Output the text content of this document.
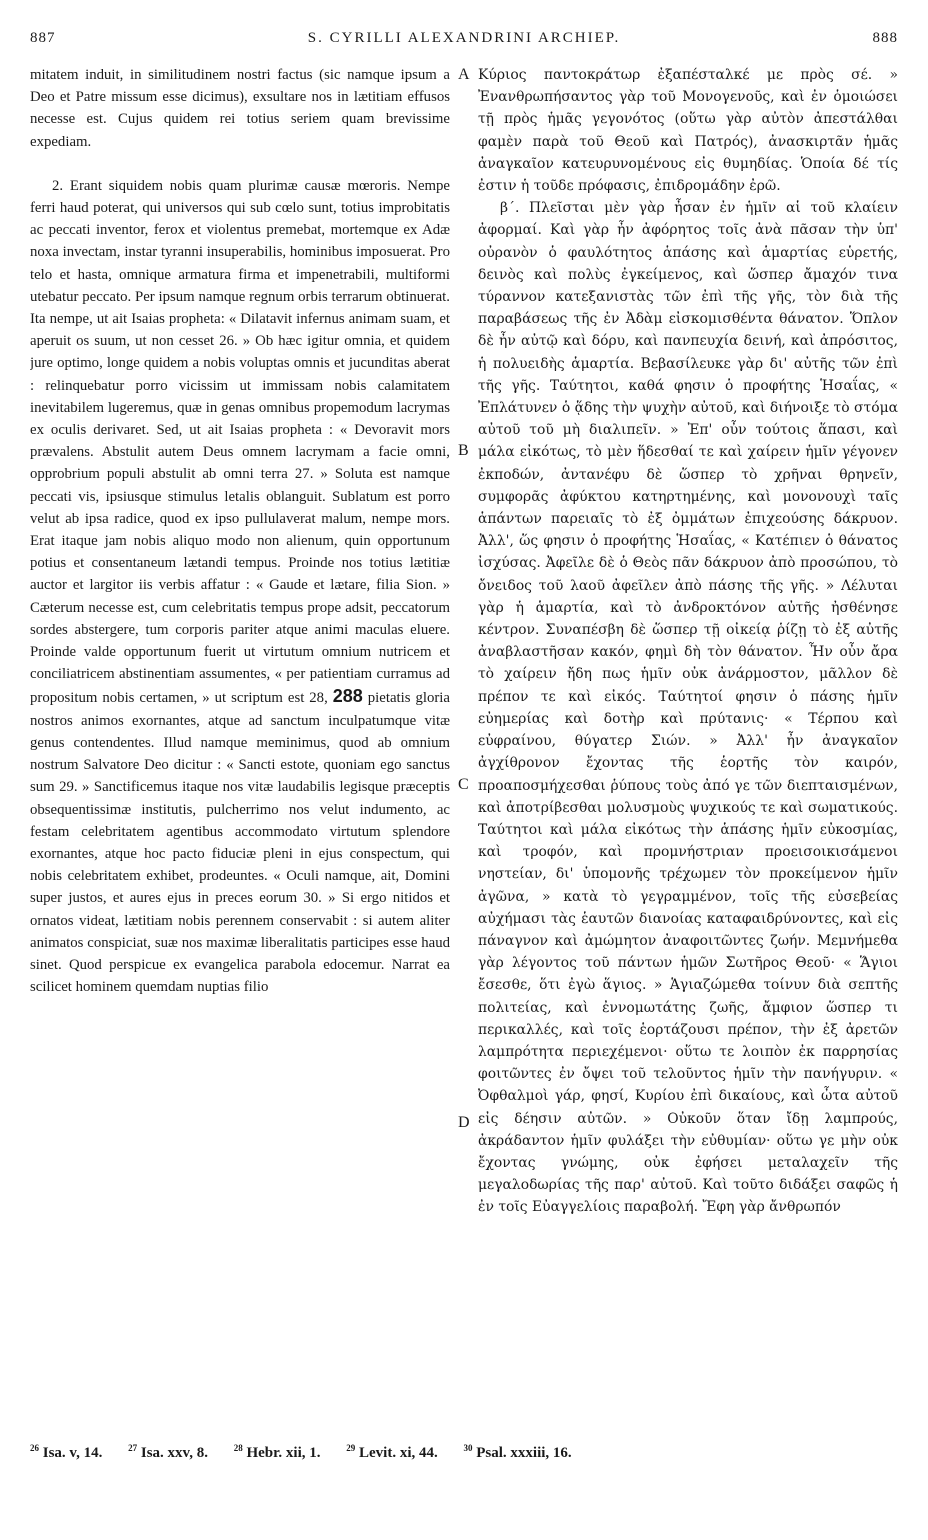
887	S. CYRILLI ALEXANDRINI ARCHIEP.	888

mitatem induit, in similitudinem nostri factus (sic namque ipsum a Deo et Patre missum esse dicimus), exsultare nos in lætitiam effusos necesse est. Cujus quidem rei totius seriem quam brevissime expediam.

2. Erant siquidem nobis quam plurimæ causæ mœroris. Nempe ferri haud poterat, qui universos qui sub cœlo sunt, totius improbitatis ac peccati inventor, ferox et violentus premebat, mortemque ex Adæ noxa invectam, instar tyranni insuperabilis, hominibus imposuerat. Pro telo et hasta, omnique armatura firma et impenetrabili, multiformi utebatur peccato. Per ipsum namque regnum orbis terrarum obtinuerat. Ita nempe, ut ait Isaias propheta: « Dilatavit infernus animam suam, et aperuit os suum, ut non cesset 26. » Ob hæc igitur omnia, et quidem jure optimo, longe quidem a nobis voluptas omnis et jucunditas aberat : relinquebatur porro vicissim ut immissam nobis calamitatem inevitabilem lugeremus, quæ in genas omnibus propemodum lacrymas ex oculis derivaret. Sed, ut ait Isaias propheta : « Devoravit mors prævalens. Abstulit autem Deus omnem lacrymam a facie omni, opprobrium populi abstulit ab omni terra 27. » Soluta est namque peccati vis, ipsiusque stimulus letalis oblanguit. Sublatum est porro velut ab ipsa radice, quod ex ipso pullulaverat malum, nempe mors. Erat itaque jam nobis aliquo modo non alienum, quin opportunum potius et consentaneum lætandi tempus. Proinde nos totius lætitiæ auctor et largitor iis verbis affatur : « Gaude et lætare, filia Sion. » Cæterum necesse est, cum celebritatis tempus prope adsit, peccatorum sordes abstergere, tum corporis pariter atque animi maculas eluere. Proinde valde opportunum fuerit ut virtutum omnium nutricem et conciliatricem abstinentiam assumentes, « per patientiam curramus ad propositum nobis certamen, » ut scriptum est 28, 288 pietatis gloria nostros animos exornantes, atque ad sanctum inculpatumque vitæ genus contendentes. Illud namque meminimus, quod ab omnium nostrum Salvatore Deo dicitur : « Sancti estote, quoniam ego sanctus sum 29. » Sanctificemus itaque nos vitæ laudabilis legisque præceptis obsequentissimæ institutis, pulcherrimo nos velut indumento, ac festam celebritatem agentibus accommodato virtutum splendore exornantes, atque hoc pacto fiduciæ pleni in ejus conspectum, qui nobis celebritatem exhibet, prodeuntes. « Oculi namque, ait, Domini super justos, et aures ejus in preces eorum 30. » Si ergo nitidos et ornatos videat, lætitiam nobis perennem conservabit : si autem aliter animatos conspiciat, suæ nos maximæ liberalitatis participes esse haud sinet. Quod perspicue ex evangelica parabola edocemur. Narrat ea scilicet hominem quemdam nuptias filio

A
B
C
D

Κύριος παντοκράτωρ ἐξαπέσταλκέ με πρὸς σέ. » Ἐνανθρωπήσαντος γὰρ τοῦ Μονογενοῦς, καὶ ἐν ὁμοιώσει τῇ πρὸς ἡμᾶς γεγονότος (οὕτω γὰρ αὐτὸν ἀπεστάλθαι φαμὲν παρὰ τοῦ Θεοῦ καὶ Πατρός), ἀνασκιρτᾶν ἡμᾶς ἀναγκαῖον κατευρυνομένους εἰς θυμηδίας. Ὁποία δέ τίς ἐστιν ἡ τοῦδε πρόφασις, ἐπιδρομάδην ἐρῶ.

β΄. Πλεῖσται μὲν γὰρ ἦσαν ἐν ἡμῖν αἱ τοῦ κλαίειν ἀφορμαί. Καὶ γὰρ ἦν ἀφόρητος τοῖς ἀνὰ πᾶσαν τὴν ὑπ' οὐρανὸν ὁ φαυλότητος ἁπάσης καὶ ἁμαρτίας εὑρετής, δεινὸς καὶ πολὺς ἐγκείμενος, καὶ ὥσπερ ἄμαχόν τινα τύραννον κατεξανιστὰς τῶν ἐπὶ τῆς γῆς, τὸν διὰ τῆς παραβάσεως τῆς ἐν Ἀδὰμ εἰσκομισθέντα θάνατον. Ὅπλον δὲ ἦν αὐτῷ καὶ δόρυ, καὶ πανπευχία δεινή, καὶ ἀπρόσιτος, ἡ πολυειδὴς ἁμαρτία. Βεβασίλευκε γὰρ δι' αὐτῆς τῶν ἐπὶ τῆς γῆς. Ταύτητοι, καθά φησιν ὁ προφήτης Ἡσαΐας, « Ἐπλάτυνεν ὁ ᾅδης τὴν ψυχὴν αὐτοῦ, καὶ διήνοιξε τὸ στόμα αὐτοῦ τοῦ μὴ διαλιπεῖν. » Ἐπ' οὖν τούτοις ἅπασι, καὶ μάλα εἰκότως, τὸ μὲν ἥδεσθαί τε καὶ χαίρειν ἡμῖν γέγονεν ἐκποδών, ἀντανέφυ δὲ ὥσπερ τὸ χρῆναι θρηνεῖν, συμφορᾶς ἀφύκτου κατηρτημένης, καὶ μονονουχὶ ταῖς ἁπάντων παρειαῖς τὸ ἐξ ὀμμάτων ἐπιχεούσης δάκρυον. Ἀλλ', ὥς φησιν ὁ προφήτης Ἡσαΐας, « Κατέπιεν ὁ θάνατος ἰσχύσας. Ἀφεῖλε δὲ ὁ Θεὸς πᾶν δάκρυον ἀπὸ προσώπου, τὸ ὄνειδος τοῦ λαοῦ ἀφεῖλεν ἀπὸ πάσης τῆς γῆς. » Λέλυται γὰρ ἡ ἁμαρτία, καὶ τὸ ἀνδροκτόνον αὐτῆς ἠσθένησε κέντρον. Συναπέσβη δὲ ὥσπερ τῇ οἰκείᾳ ῥίζῃ τὸ ἐξ αὐτῆς ἀναβλαστῆσαν κακόν, φημὶ δὴ τὸν θάνατον. Ἦν οὖν ἄρα τὸ χαίρειν ἤδη πως ἡμῖν οὐκ ἀνάρμοστον, μᾶλλον δὲ πρέπον τε καὶ εἰκός. Ταύτητοί φησιν ὁ πάσης ἡμῖν εὐημερίας καὶ δοτὴρ καὶ πρύτανις· « Τέρπου καὶ εὐφραίνου, θύγατερ Σιών. » Ἀλλ' ἦν ἀναγκαῖον ἀγχίθρονον ἔχοντας τῆς ἑορτῆς τὸν καιρόν, προαποσμήχεσθαι ῥύπους τοὺς ἀπό γε τῶν διεπταισμένων, καὶ ἀποτρίβεσθαι μολυσμοὺς ψυχικούς τε καὶ σωματικούς. Ταύτητοι καὶ μάλα εἰκότως τὴν ἁπάσης ἡμῖν εὐκοσμίας, καὶ τροφόν, καὶ προμνήστριαν προεισοικισάμενοι νηστείαν, δι' ὑπομονῆς τρέχωμεν τὸν προκείμενον ἡμῖν ἀγῶνα, » κατὰ τὸ γεγραμμένον, τοῖς τῆς εὐσεβείας αὐχήμασι τὰς ἑαυτῶν διανοίας καταφαιδρύνοντες, καὶ εἰς πάναγνον καὶ ἀμώμητον ἀναφοιτῶντες ζωήν. Μεμνήμεθα γὰρ λέγοντος τοῦ πάντων ἡμῶν Σωτῆρος Θεοῦ· « Ἅγιοι ἔσεσθε, ὅτι ἐγὼ ἅγιος. » Ἁγιαζώμεθα τοίνυν διὰ σεπτῆς πολιτείας, καὶ ἐννομωτάτης ζωῆς, ἄμφιον ὥσπερ τι περικαλλές, καὶ τοῖς ἑορτάζουσι πρέπον, τὴν ἐξ ἀρετῶν λαμπρότητα περιεχέμενοι· οὕτω τε λοιπὸν ἐκ παρρησίας φοιτῶντες ἐν ὄψει τοῦ τελοῦντος ἡμῖν τὴν πανήγυριν. « Ὀφθαλμοὶ γάρ, φησί, Κυρίου ἐπὶ δικαίους, καὶ ὦτα αὐτοῦ εἰς δέησιν αὐτῶν. » Οὐκοῦν ὅταν ἴδῃ λαμπρούς, ἀκράδαντον ἡμῖν φυλάξει τὴν εὐθυμίαν· οὕτω γε μὴν οὐκ ἔχοντας γνώμης, οὐκ ἐφήσει μεταλαχεῖν τῆς μεγαλοδωρίας τῆς παρ' αὐτοῦ. Καὶ τοῦτο διδάξει σαφῶς ἡ ἐν τοῖς Εὐαγγελίοις παραβολή. Ἔφη γὰρ ἄνθρωπόν

$^{26}$ Isa. v, 14.	$^{27}$ Isa. xxv, 8.	$^{28}$ Hebr. xii, 1.	$^{29}$ Levit. xi, 44.	$^{30}$ Psal. xxxiii, 16.
